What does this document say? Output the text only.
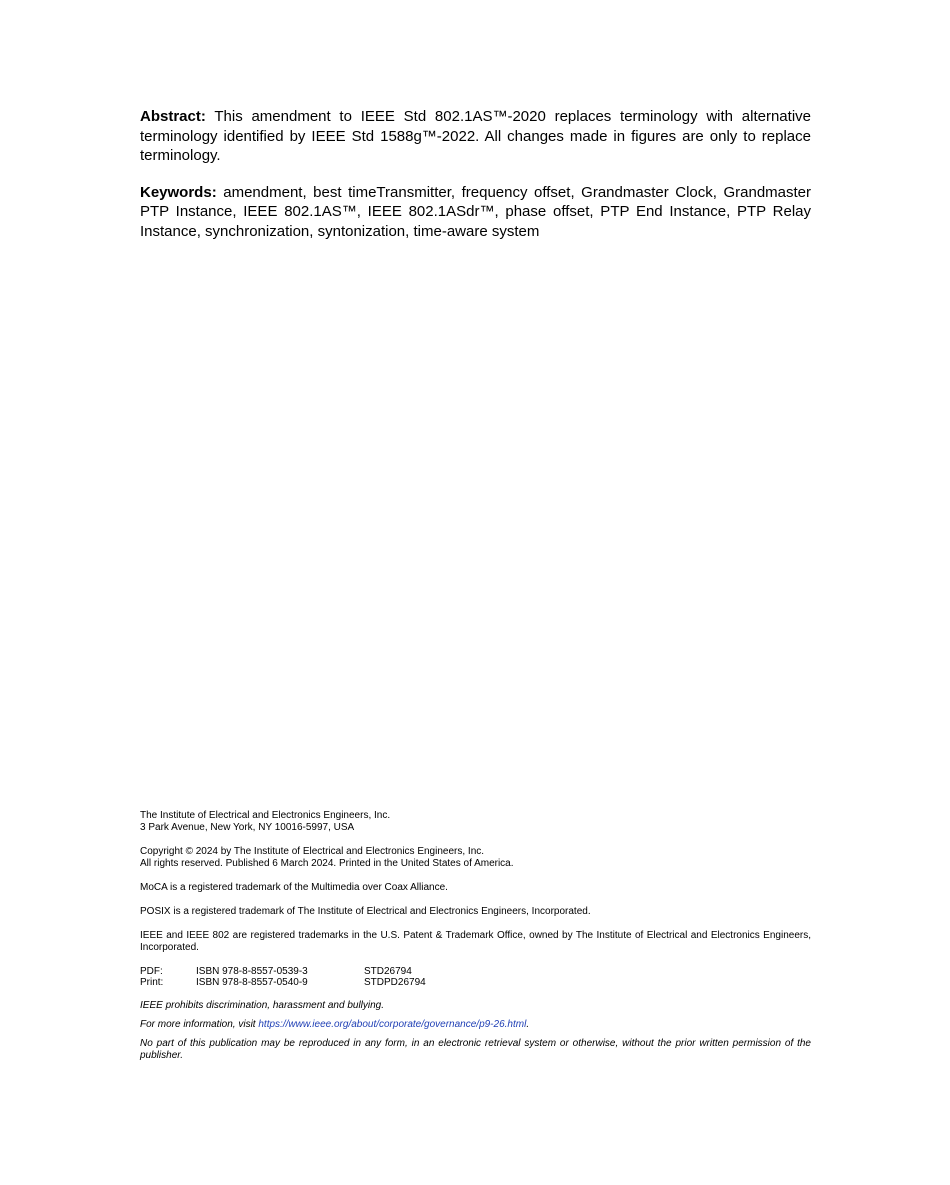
Abstract: This amendment to IEEE Std 802.1AS™-2020 replaces terminology with alternative terminology identified by IEEE Std 1588g™-2022. All changes made in figures are only to replace terminology.

Keywords: amendment, best timeTransmitter, frequency offset, Grandmaster Clock, Grandmaster PTP Instance, IEEE 802.1AS™, IEEE 802.1ASdr™, phase offset, PTP End Instance, PTP Relay Instance, synchronization, syntonization, time-aware system

The Institute of Electrical and Electronics Engineers, Inc.
3 Park Avenue, New York, NY 10016-5997, USA

Copyright © 2024 by The Institute of Electrical and Electronics Engineers, Inc.
All rights reserved. Published 6 March 2024. Printed in the United States of America.

MoCA is a registered trademark of the Multimedia over Coax Alliance.

POSIX is a registered trademark of The Institute of Electrical and Electronics Engineers, Incorporated.

IEEE and IEEE 802 are registered trademarks in the U.S. Patent & Trademark Office, owned by The Institute of Electrical and Electronics Engineers, Incorporated.

PDF:	ISBN 978-8-8557-0539-3	STD26794
Print:	ISBN 978-8-8557-0540-9	STDPD26794

IEEE prohibits discrimination, harassment and bullying.

For more information, visit https://www.ieee.org/about/corporate/governance/p9-26.html.

No part of this publication may be reproduced in any form, in an electronic retrieval system or otherwise, without the prior written permission of the publisher.
